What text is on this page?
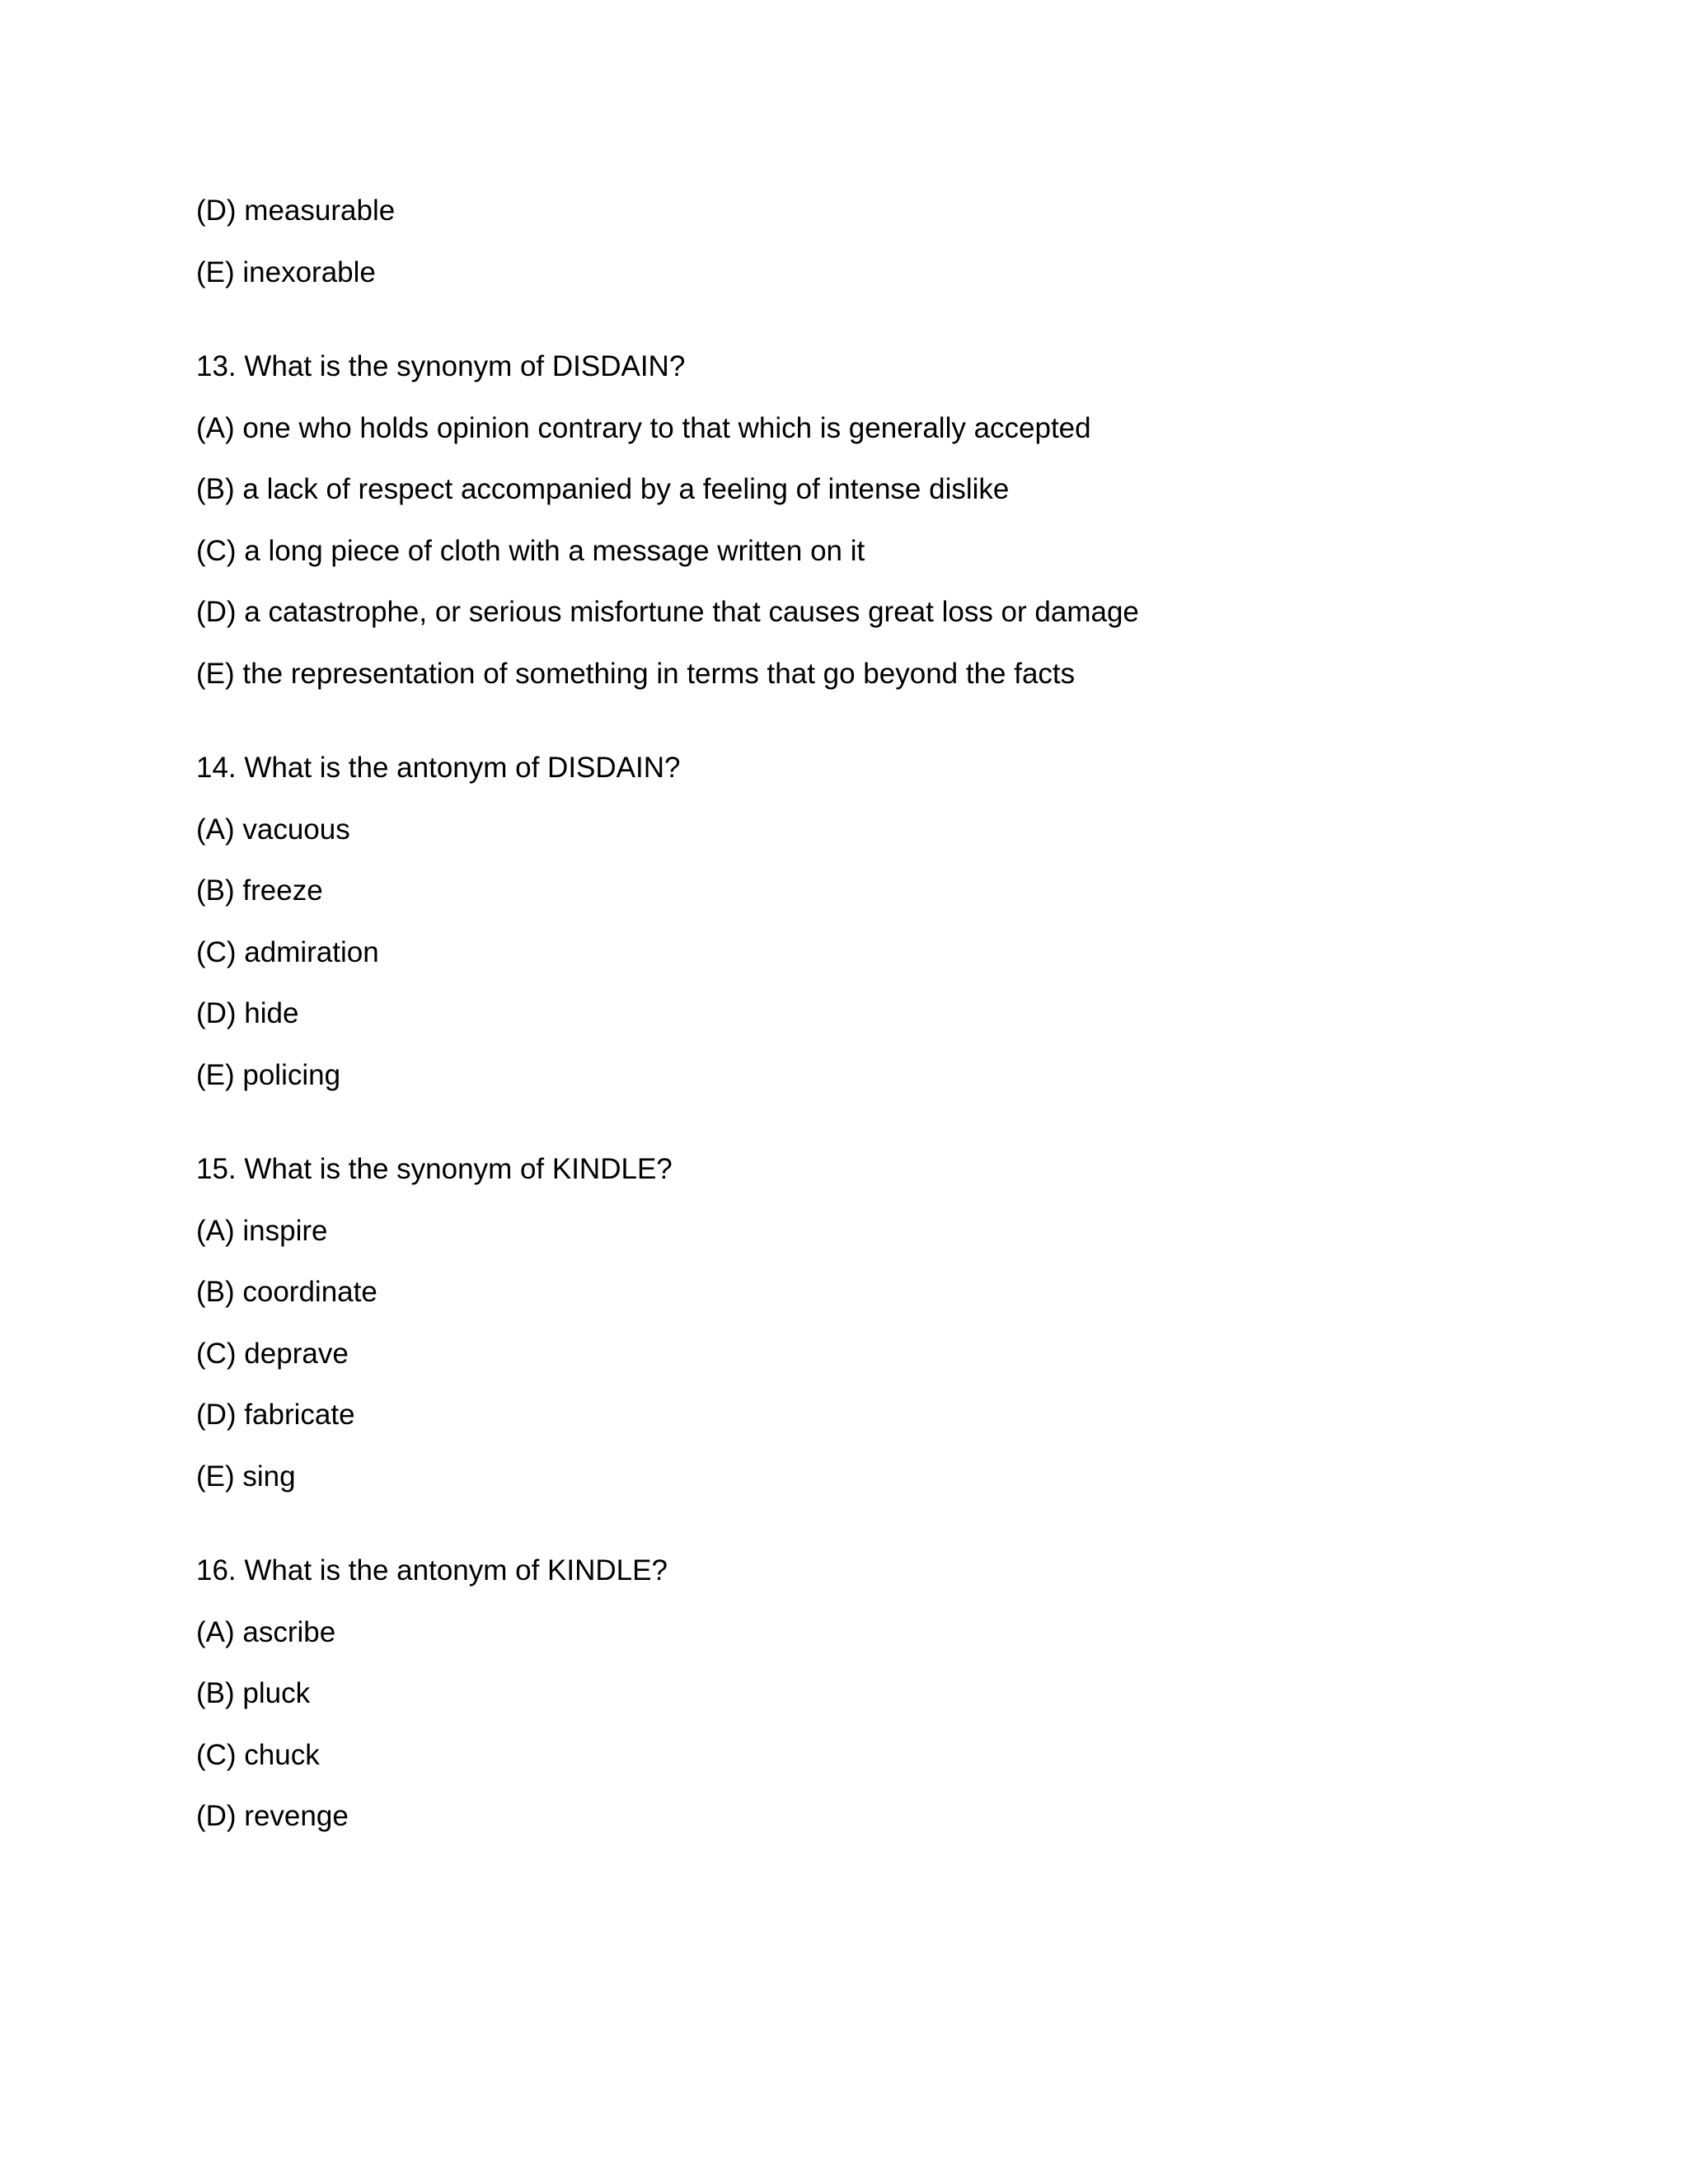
(D) measurable
(E) inexorable
13. What is the synonym of DISDAIN?
(A) one who holds opinion contrary to that which is generally accepted
(B) a lack of respect accompanied by a feeling of intense dislike
(C) a long piece of cloth with a message written on it
(D) a catastrophe, or serious misfortune that causes great loss or damage
(E) the representation of something in terms that go beyond the facts
14. What is the antonym of DISDAIN?
(A) vacuous
(B) freeze
(C) admiration
(D) hide
(E) policing
15. What is the synonym of KINDLE?
(A) inspire
(B) coordinate
(C) deprave
(D) fabricate
(E) sing
16. What is the antonym of KINDLE?
(A) ascribe
(B) pluck
(C) chuck
(D) revenge
